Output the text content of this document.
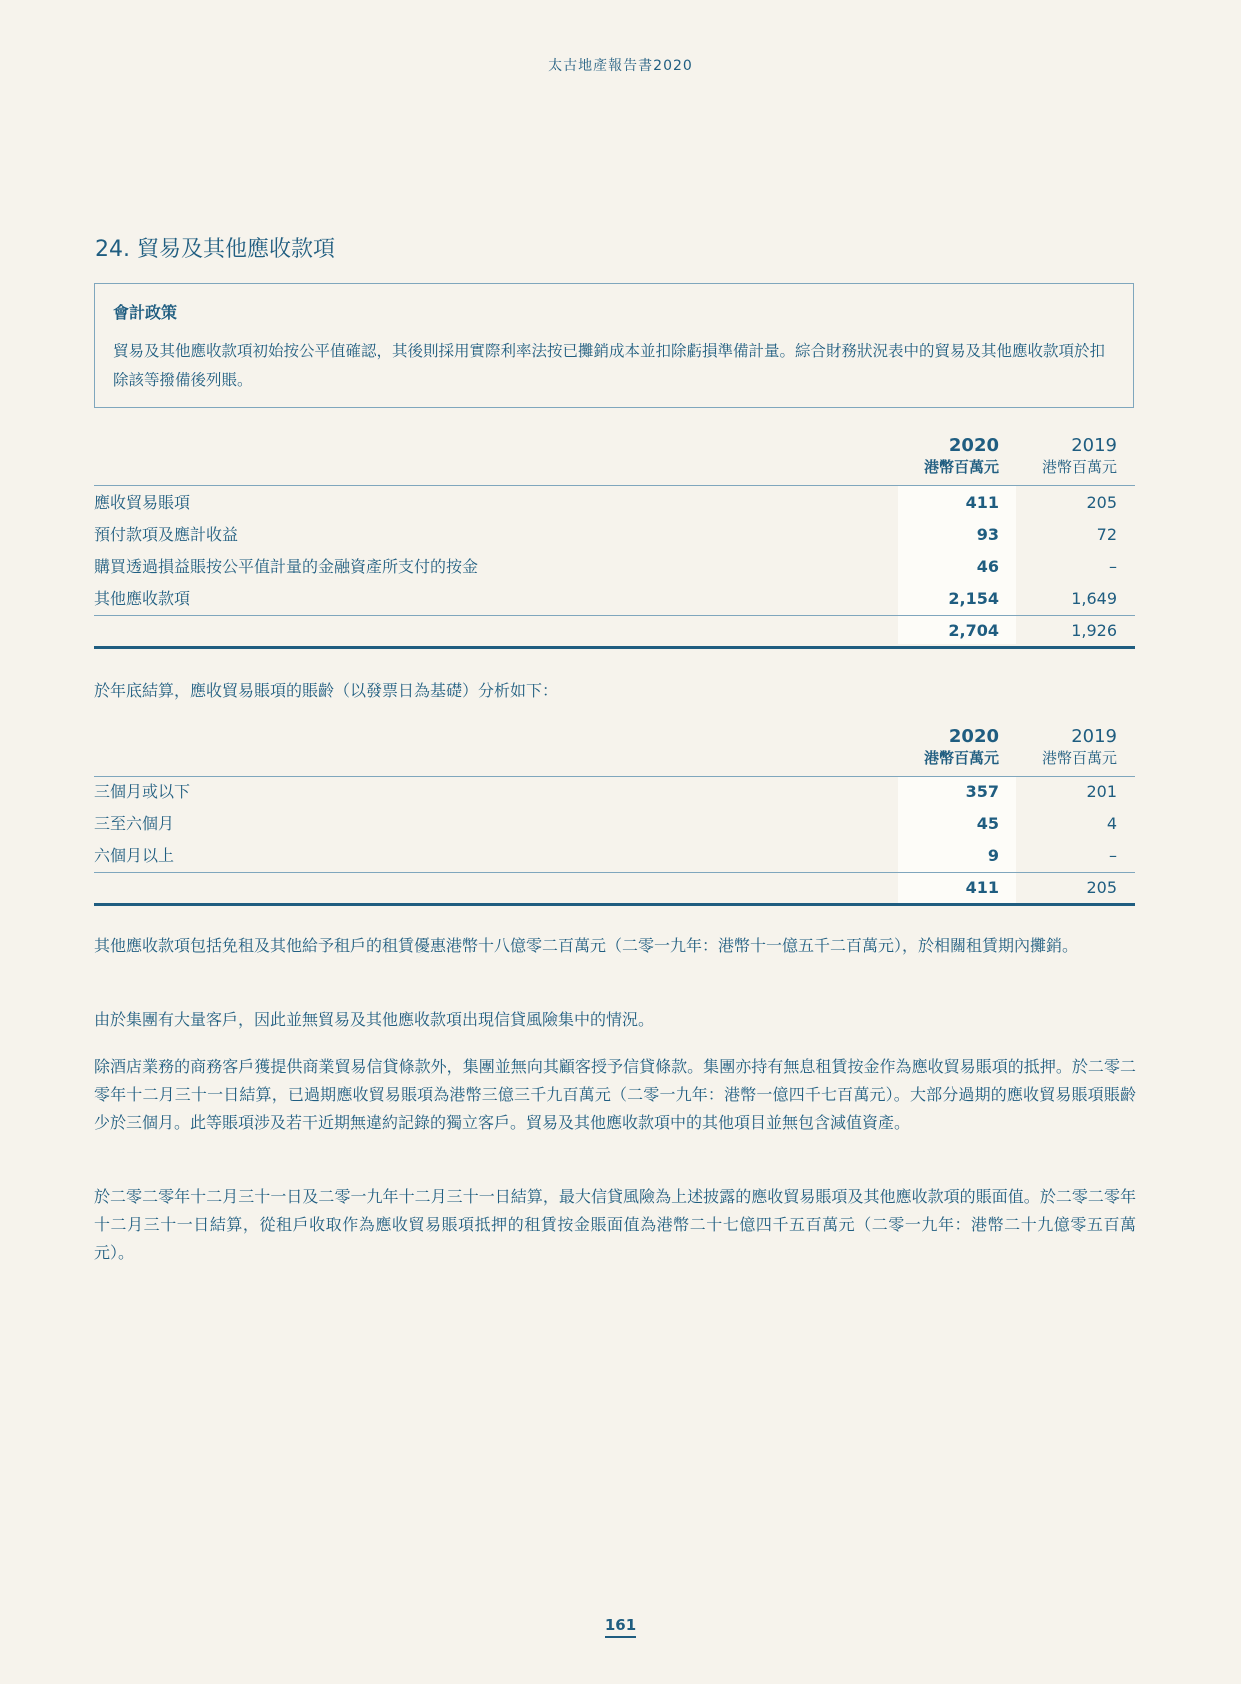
太古地產報告書2020
24. 貿易及其他應收款項
會計政策
貿易及其他應收款項初始按公平值確認，其後則採用實際利率法按已攤銷成本並扣除虧損準備計量。綜合財務狀況表中的貿易及其他應收款項於扣除該等撥備後列賬。
2020
港幣百萬元
2019
港幣百萬元
應收貿易賬項	411	205
預付款項及應計收益	93	72
購買透過損益賬按公平值計量的金融資產所支付的按金	46	–
其他應收款項	2,154	1,649
2,704	1,926
於年底結算，應收貿易賬項的賬齡（以發票日為基礎）分析如下：
2020
港幣百萬元
2019
港幣百萬元
三個月或以下	357	201
三至六個月	45	4
六個月以上	9	–
411	205
其他應收款項包括免租及其他給予租戶的租賃優惠港幣十八億零二百萬元（二零一九年：港幣十一億五千二百萬元），於相關租賃期內攤銷。
由於集團有大量客戶，因此並無貿易及其他應收款項出現信貸風險集中的情況。
除酒店業務的商務客戶獲提供商業貿易信貸條款外，集團並無向其顧客授予信貸條款。集團亦持有無息租賃按金作為應收貿易賬項的抵押。於二零二零年十二月三十一日結算，已過期應收貿易賬項為港幣三億三千九百萬元（二零一九年：港幣一億四千七百萬元）。大部分過期的應收貿易賬項賬齡少於三個月。此等賬項涉及若干近期無違約記錄的獨立客戶。貿易及其他應收款項中的其他項目並無包含減值資產。
於二零二零年十二月三十一日及二零一九年十二月三十一日結算，最大信貸風險為上述披露的應收貿易賬項及其他應收款項的賬面值。於二零二零年十二月三十一日結算，從租戶收取作為應收貿易賬項抵押的租賃按金賬面值為港幣二十七億四千五百萬元（二零一九年：港幣二十九億零五百萬元）。
161
